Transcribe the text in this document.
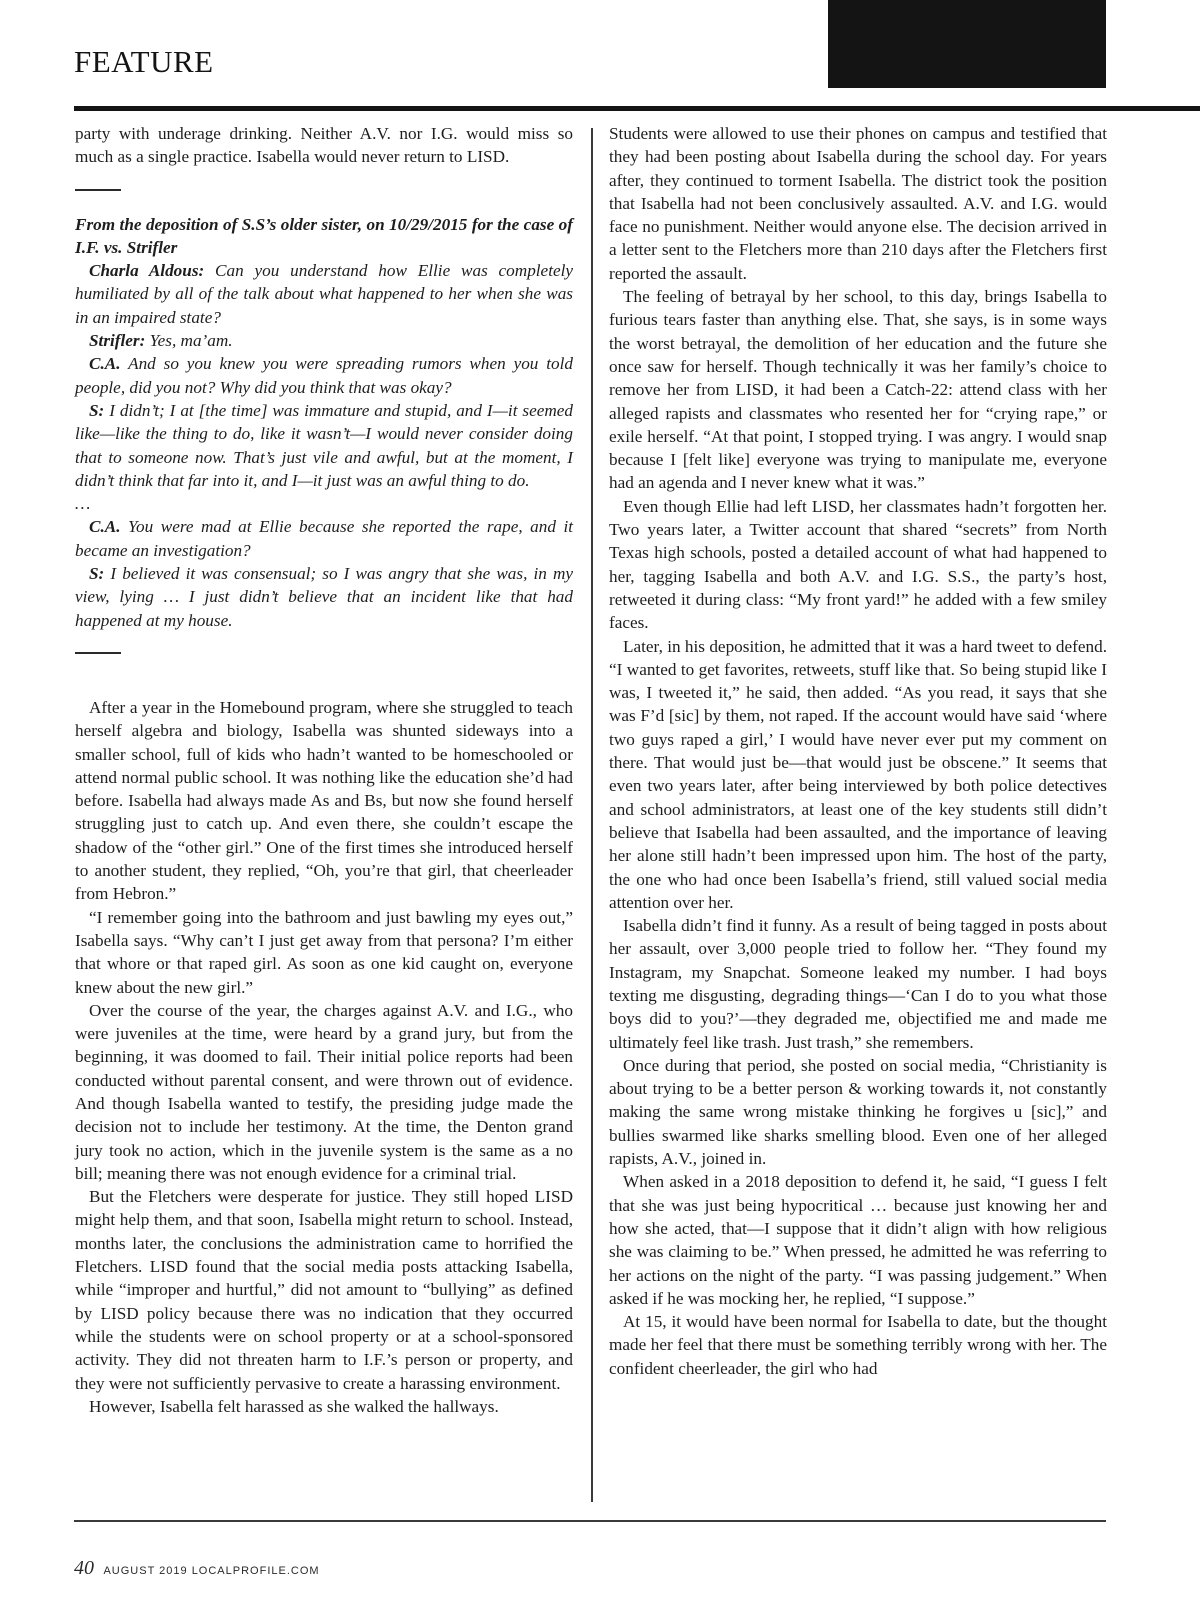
FEATURE

party with underage drinking. Neither A.V. nor I.G. would miss so much as a single practice. Isabella would never return to LISD.

From the deposition of S.S’s older sister, on 10/29/2015 for the case of I.F. vs. Strifler

Charla Aldous: Can you understand how Ellie was completely humiliated by all of the talk about what happened to her when she was in an impaired state?

Strifler: Yes, ma’am.

C.A. And so you knew you were spreading rumors when you told people, did you not? Why did you think that was okay?

S: I didn’t; I at [the time] was immature and stupid, and I—it seemed like—like the thing to do, like it wasn’t—I would never consider doing that to someone now. That’s just vile and awful, but at the moment, I didn’t think that far into it, and I—it just was an awful thing to do.

…

C.A. You were mad at Ellie because she reported the rape, and it became an investigation?

S: I believed it was consensual; so I was angry that she was, in my view, lying … I just didn’t believe that an incident like that had happened at my house.

After a year in the Homebound program, where she struggled to teach herself algebra and biology, Isabella was shunted sideways into a smaller school, full of kids who hadn’t wanted to be homeschooled or attend normal public school. It was nothing like the education she’d had before. Isabella had always made As and Bs, but now she found herself struggling just to catch up. And even there, she couldn’t escape the shadow of the “other girl.” One of the first times she introduced herself to another student, they replied, “Oh, you’re that girl, that cheerleader from Hebron.”

“I remember going into the bathroom and just bawling my eyes out,” Isabella says. “Why can’t I just get away from that persona? I’m either that whore or that raped girl. As soon as one kid caught on, everyone knew about the new girl.”

Over the course of the year, the charges against A.V. and I.G., who were juveniles at the time, were heard by a grand jury, but from the beginning, it was doomed to fail. Their initial police reports had been conducted without parental consent, and were thrown out of evidence. And though Isabella wanted to testify, the presiding judge made the decision not to include her testimony. At the time, the Denton grand jury took no action, which in the juvenile system is the same as a no bill; meaning there was not enough evidence for a criminal trial.

But the Fletchers were desperate for justice. They still hoped LISD might help them, and that soon, Isabella might return to school. Instead, months later, the conclusions the administration came to horrified the Fletchers. LISD found that the social media posts attacking Isabella, while “improper and hurtful,” did not amount to “bullying” as defined by LISD policy because there was no indication that they occurred while the students were on school property or at a school-sponsored activity. They did not threaten harm to I.F.’s person or property, and they were not sufficiently pervasive to create a harassing environment.

However, Isabella felt harassed as she walked the hallways.

Students were allowed to use their phones on campus and testified that they had been posting about Isabella during the school day. For years after, they continued to torment Isabella. The district took the position that Isabella had not been conclusively assaulted. A.V. and I.G. would face no punishment. Neither would anyone else. The decision arrived in a letter sent to the Fletchers more than 210 days after the Fletchers first reported the assault.

The feeling of betrayal by her school, to this day, brings Isabella to furious tears faster than anything else. That, she says, is in some ways the worst betrayal, the demolition of her education and the future she once saw for herself. Though technically it was her family’s choice to remove her from LISD, it had been a Catch-22: attend class with her alleged rapists and classmates who resented her for “crying rape,” or exile herself. “At that point, I stopped trying. I was angry. I would snap because I [felt like] everyone was trying to manipulate me, everyone had an agenda and I never knew what it was.”

Even though Ellie had left LISD, her classmates hadn’t forgotten her. Two years later, a Twitter account that shared “secrets” from North Texas high schools, posted a detailed account of what had happened to her, tagging Isabella and both A.V. and I.G. S.S., the party’s host, retweeted it during class: “My front yard!” he added with a few smiley faces.

Later, in his deposition, he admitted that it was a hard tweet to defend. “I wanted to get favorites, retweets, stuff like that. So being stupid like I was, I tweeted it,” he said, then added. “As you read, it says that she was F’d [sic] by them, not raped. If the account would have said ‘where two guys raped a girl,’ I would have never ever put my comment on there. That would just be—that would just be obscene.” It seems that even two years later, after being interviewed by both police detectives and school administrators, at least one of the key students still didn’t believe that Isabella had been assaulted, and the importance of leaving her alone still hadn’t been impressed upon him. The host of the party, the one who had once been Isabella’s friend, still valued social media attention over her.

Isabella didn’t find it funny. As a result of being tagged in posts about her assault, over 3,000 people tried to follow her. “They found my Instagram, my Snapchat. Someone leaked my number. I had boys texting me disgusting, degrading things—‘Can I do to you what those boys did to you?’—they degraded me, objectified me and made me ultimately feel like trash. Just trash,” she remembers.

Once during that period, she posted on social media, “Christianity is about trying to be a better person & working towards it, not constantly making the same wrong mistake thinking he forgives u [sic],” and bullies swarmed like sharks smelling blood. Even one of her alleged rapists, A.V., joined in.

When asked in a 2018 deposition to defend it, he said, “I guess I felt that she was just being hypocritical … because just knowing her and how she acted, that—I suppose that it didn’t align with how religious she was claiming to be.” When pressed, he admitted he was referring to her actions on the night of the party. “I was passing judgement.” When asked if he was mocking her, he replied, “I suppose.”

At 15, it would have been normal for Isabella to date, but the thought made her feel that there must be something terribly wrong with her. The confident cheerleader, the girl who had

40 AUGUST 2019 LOCALPROFILE.COM
